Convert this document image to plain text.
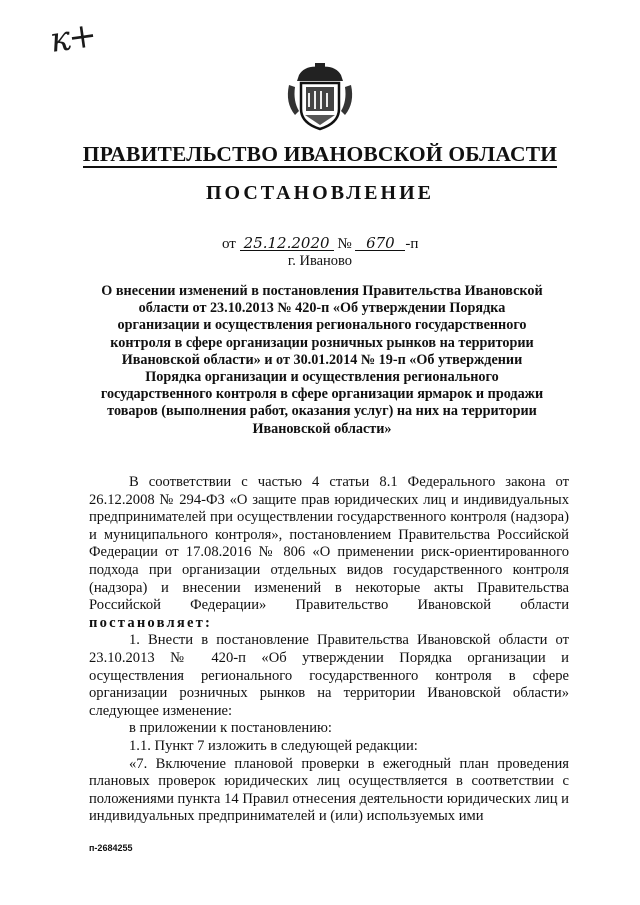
к+
ПРАВИТЕЛЬСТВО ИВАНОВСКОЙ ОБЛАСТИ
ПОСТАНОВЛЕНИЕ
от 25.12.2020 № 670 -п
г. Иваново
О внесении изменений в постановления Правительства Ивановской области от 23.10.2013 № 420-п «Об утверждении Порядка организации и осуществления регионального государственного контроля в сфере организации розничных рынков на территории Ивановской области» и от 30.01.2014 № 19-п «Об утверждении Порядка организации и осуществления регионального государственного контроля в сфере организации ярмарок и продажи товаров (выполнения работ, оказания услуг) на них на территории Ивановской области»

В соответствии с частью 4 статьи 8.1 Федерального закона от 26.12.2008 № 294-ФЗ «О защите прав юридических лиц и индивидуальных предпринимателей при осуществлении государственного контроля (надзора) и муниципального контроля», постановлением Правительства Российской Федерации от 17.08.2016 № 806 «О применении риск-ориентированного подхода при организации отдельных видов государственного контроля (надзора) и внесении изменений в некоторые акты Правительства Российской Федерации» Правительство Ивановской области постановляет:

1. Внести в постановление Правительства Ивановской области от 23.10.2013 № 420-п «Об утверждении Порядка организации и осуществления регионального государственного контроля в сфере организации розничных рынков на территории Ивановской области» следующее изменение:

в приложении к постановлению:

1.1. Пункт 7 изложить в следующей редакции:

«7. Включение плановой проверки в ежегодный план проведения плановых проверок юридических лиц осуществляется в соответствии с положениями пункта 14 Правил отнесения деятельности юридических лиц и индивидуальных предпринимателей и (или) используемых ими

п-2684255
